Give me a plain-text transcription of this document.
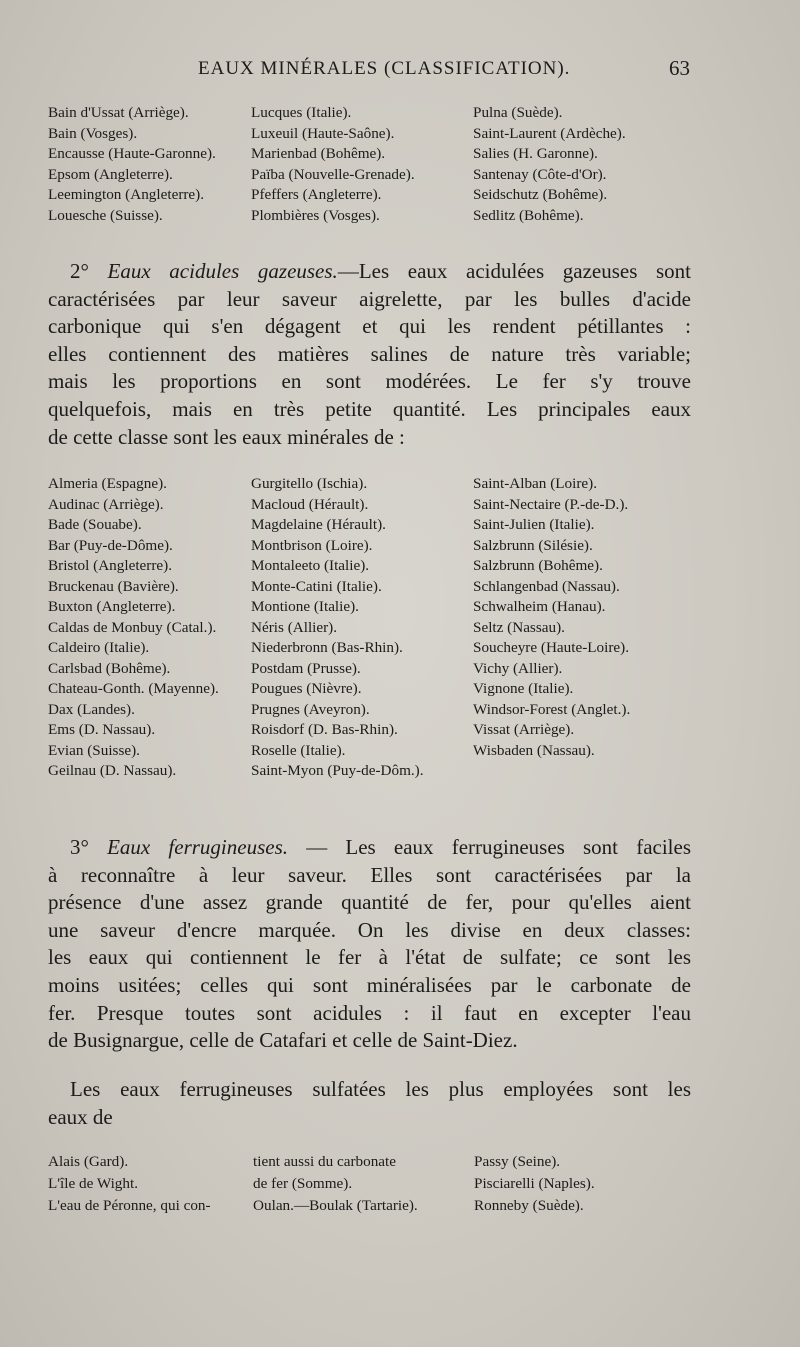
EAUX MINÉRALES (CLASSIFICATION).	63
Bain d'Ussat (Arriège).	Lucques (Italie).	Pulna (Suède).
Bain (Vosges).	Luxeuil (Haute-Saône).	Saint-Laurent (Ardèche).
Encausse (Haute-Garonne).	Marienbad (Bohême).	Salies (H. Garonne).
Epsom (Angleterre).	Païba (Nouvelle-Grenade).	Santenay (Côte-d'Or).
Leemington (Angleterre).	Pfeffers (Angleterre).	Seidschutz (Bohême).
Louesche (Suisse).	Plombières (Vosges).	Sedlitz (Bohême).
2° Eaux acidules gazeuses.—Les eaux acidulées gazeuses sont
caractérisées par leur saveur aigrelette, par les bulles d'acide
carbonique qui s'en dégagent et qui les rendent pétillantes :
elles contiennent des matières salines de nature très variable;
mais les proportions en sont modérées. Le fer s'y trouve
quelquefois, mais en très petite quantité. Les principales eaux
de cette classe sont les eaux minérales de :
Almeria (Espagne).	Gurgitello (Ischia).	Saint-Alban (Loire).
Audinac (Arriège).	Macloud (Hérault).	Saint-Nectaire (P.-de-D.).
Bade (Souabe).	Magdelaine (Hérault).	Saint-Julien (Italie).
Bar (Puy-de-Dôme).	Montbrison (Loire).	Salzbrunn (Silésie).
Bristol (Angleterre).	Montaleeto (Italie).	Salzbrunn (Bohême).
Bruckenau (Bavière).	Monte-Catini (Italie).	Schlangenbad (Nassau).
Buxton (Angleterre).	Montione (Italie).	Schwalheim (Hanau).
Caldas de Monbuy (Catal.).	Néris (Allier).	Seltz (Nassau).
Caldeiro (Italie).	Niederbronn (Bas-Rhin).	Soucheyre (Haute-Loire).
Carlsbad (Bohême).	Postdam (Prusse).	Vichy (Allier).
Chateau-Gonth. (Mayenne).	Pougues (Nièvre).	Vignone (Italie).
Dax (Landes).	Prugnes (Aveyron).	Windsor-Forest (Anglet.).
Ems (D. Nassau).	Roisdorf (D. Bas-Rhin).	Vissat (Arriège).
Evian (Suisse).	Roselle (Italie).	Wisbaden (Nassau).
Geilnau (D. Nassau).	Saint-Myon (Puy-de-Dôm.).
3° Eaux ferrugineuses. — Les eaux ferrugineuses sont faciles
à reconnaître à leur saveur. Elles sont caractérisées par la
présence d'une assez grande quantité de fer, pour qu'elles aient
une saveur d'encre marquée. On les divise en deux classes:
les eaux qui contiennent le fer à l'état de sulfate; ce sont les
moins usitées; celles qui sont minéralisées par le carbonate de
fer. Presque toutes sont acidules : il faut en excepter l'eau
de Busignargue, celle de Catafari et celle de Saint-Diez.
Les eaux ferrugineuses sulfatées les plus employées sont les
eaux de
Alais (Gard).	tient aussi du carbonate	Passy (Seine).
L'île de Wight.	de fer (Somme).	Pisciarelli (Naples).
L'eau de Péronne, qui con-	Oulan.—Boulak (Tartarie).	Ronneby (Suède).
